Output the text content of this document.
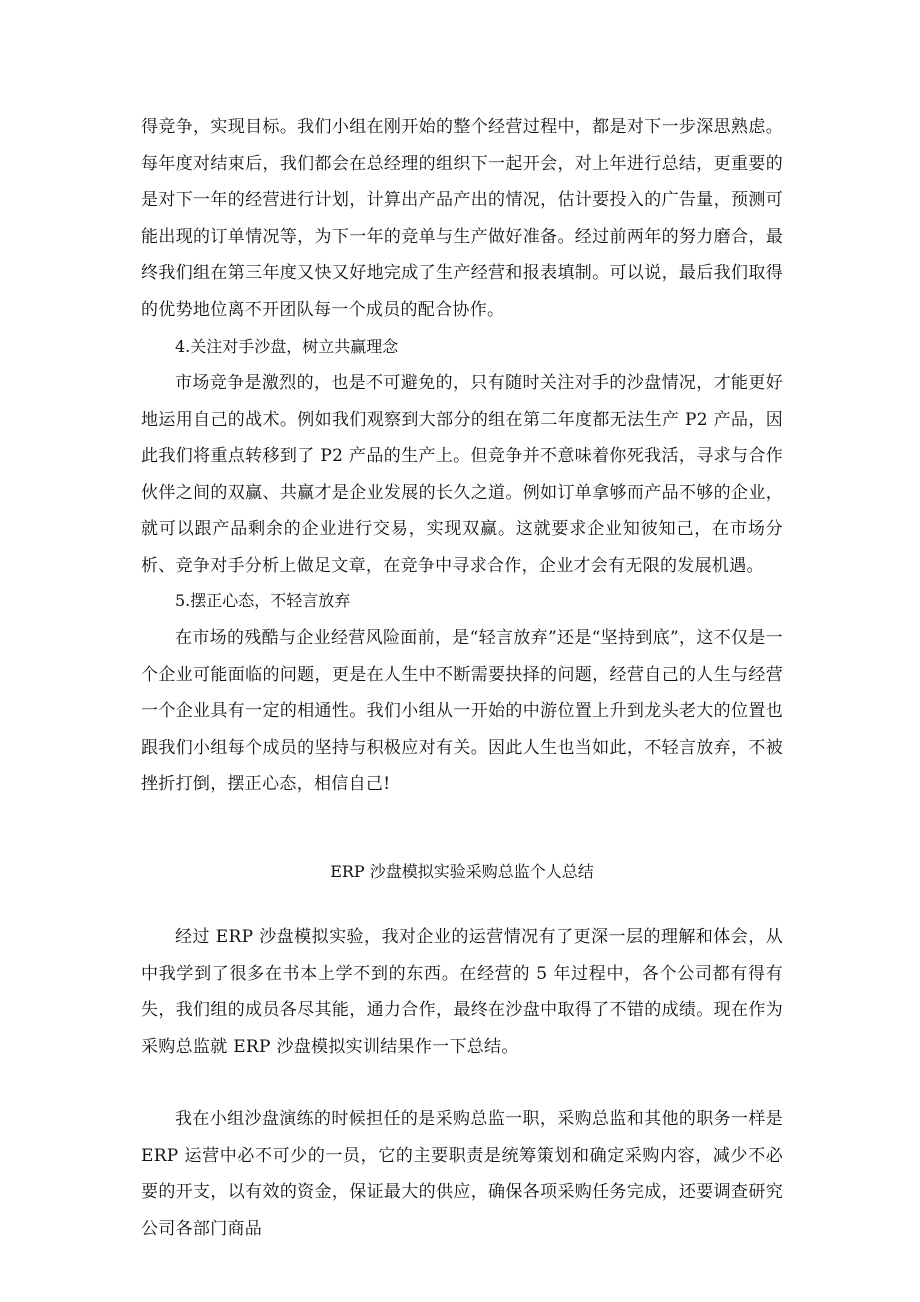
得竞争，实现目标。我们小组在刚开始的整个经营过程中，都是对下一步深思熟虑。每年度对结束后，我们都会在总经理的组织下一起开会，对上年进行总结，更重要的是对下一年的经营进行计划，计算出产品产出的情况，估计要投入的广告量，预测可能出现的订单情况等，为下一年的竞单与生产做好准备。经过前两年的努力磨合，最终我们组在第三年度又快又好地完成了生产经营和报表填制。可以说，最后我们取得的优势地位离不开团队每一个成员的配合协作。

4.关注对手沙盘，树立共赢理念

市场竞争是激烈的，也是不可避免的，只有随时关注对手的沙盘情况，才能更好地运用自己的战术。例如我们观察到大部分的组在第二年度都无法生产 P2 产品，因此我们将重点转移到了 P2 产品的生产上。但竞争并不意味着你死我活，寻求与合作伙伴之间的双赢、共赢才是企业发展的长久之道。例如订单拿够而产品不够的企业，就可以跟产品剩余的企业进行交易，实现双赢。这就要求企业知彼知己，在市场分析、竞争对手分析上做足文章，在竞争中寻求合作，企业才会有无限的发展机遇。

5.摆正心态，不轻言放弃

在市场的残酷与企业经营风险面前，是“轻言放弃”还是“坚持到底”，这不仅是一个企业可能面临的问题，更是在人生中不断需要抉择的问题，经营自己的人生与经营一个企业具有一定的相通性。我们小组从一开始的中游位置上升到龙头老大的位置也跟我们小组每个成员的坚持与积极应对有关。因此人生也当如此，不轻言放弃，不被挫折打倒，摆正心态，相信自己!

ERP 沙盘模拟实验采购总监个人总结

经过 ERP 沙盘模拟实验，我对企业的运营情况有了更深一层的理解和体会，从中我学到了很多在书本上学不到的东西。在经营的 5 年过程中，各个公司都有得有失，我们组的成员各尽其能，通力合作，最终在沙盘中取得了不错的成绩。现在作为采购总监就 ERP 沙盘模拟实训结果作一下总结。

我在小组沙盘演练的时候担任的是采购总监一职，采购总监和其他的职务一样是 ERP 运营中必不可少的一员，它的主要职责是统筹策划和确定采购内容，减少不必要的开支，以有效的资金，保证最大的供应，确保各项采购任务完成，还要调查研究公司各部门商品
